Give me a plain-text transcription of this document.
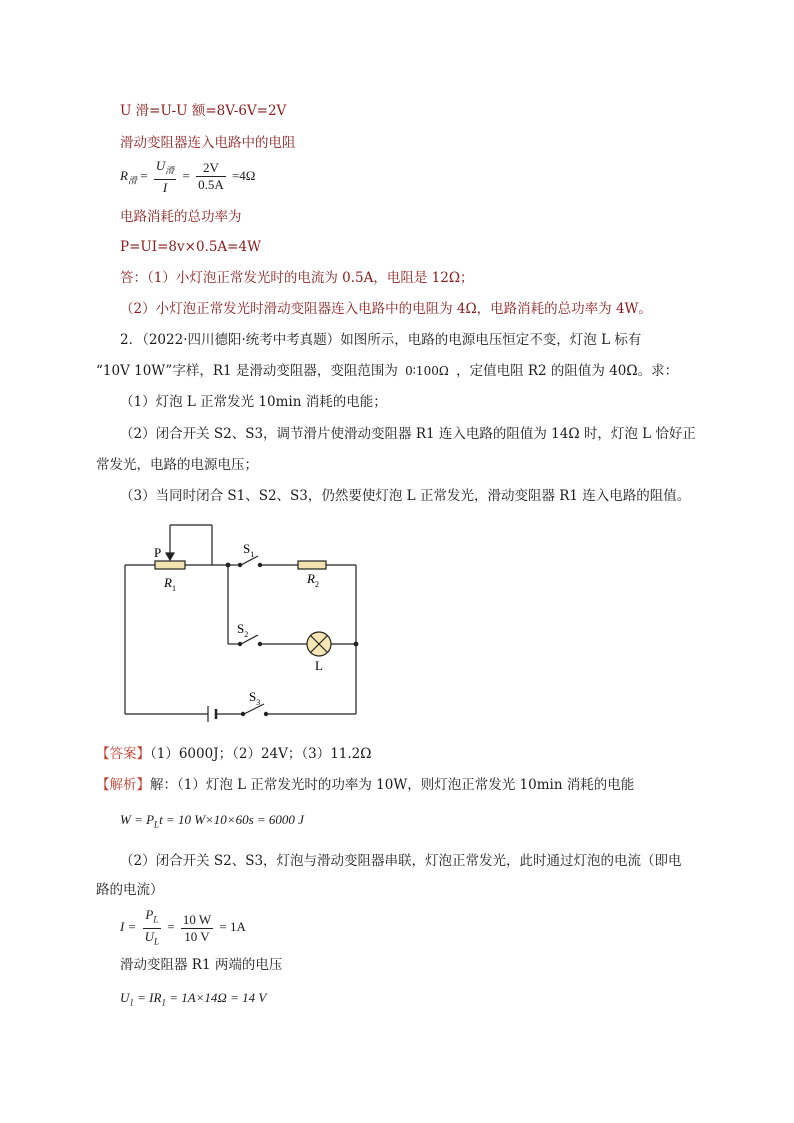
U 滑=U-U 额=8V-6V=2V
滑动变阻器连入电路中的电阻
$R_滑 = \frac{U_滑}{I} = \frac{2V}{0.5A} =4\Omega$
电路消耗的总功率为
P=UI=8v×0.5A=4W
答：（1）小灯泡正常发光时的电流为 0.5A，电阻是 12Ω；
（2）小灯泡正常发光时滑动变阻器连入电路中的电阻为 4Ω，电路消耗的总功率为 4W。
2．（2022·四川德阳·统考中考真题）如图所示，电路的电源电压恒定不变，灯泡 L 标有
“10V 10W”字样，R1 是滑动变阻器，变阻范围为 0∶100Ω ，定值电阻 R2 的阻值为 40Ω。求：
（1）灯泡 L 正常发光 10min 消耗的电能；
（2）闭合开关 S2、S3，调节滑片使滑动变阻器 R1 连入电路的阻值为 14Ω 时，灯泡 L 恰好正
常发光，电路的电源电压；
（3）当同时闭合 S1、S2、S3，仍然要使灯泡 L 正常发光，滑动变阻器 R1 连入电路的阻值。
P
$R_1$
$S_1$
$R_2$
$S_2$
L
$S_3$
【答案】（1）6000J；（2）24V；（3）11.2Ω
【解析】解：（1）灯泡 L 正常发光时的功率为 10W，则灯泡正常发光 10min 消耗的电能
$W = P_Lt = 10$ W×10×60s = 6000 J
（2）闭合开关 S2、S3，灯泡与滑动变阻器串联，灯泡正常发光，此时通过灯泡的电流（即电
路的电流）
$I = \frac{P_L}{U_L} = \frac{10 W}{10 V} = 1A$
滑动变阻器 R1 两端的电压
$U_1 = IR_1 = 1A\times 14\Omega = 14$ V
